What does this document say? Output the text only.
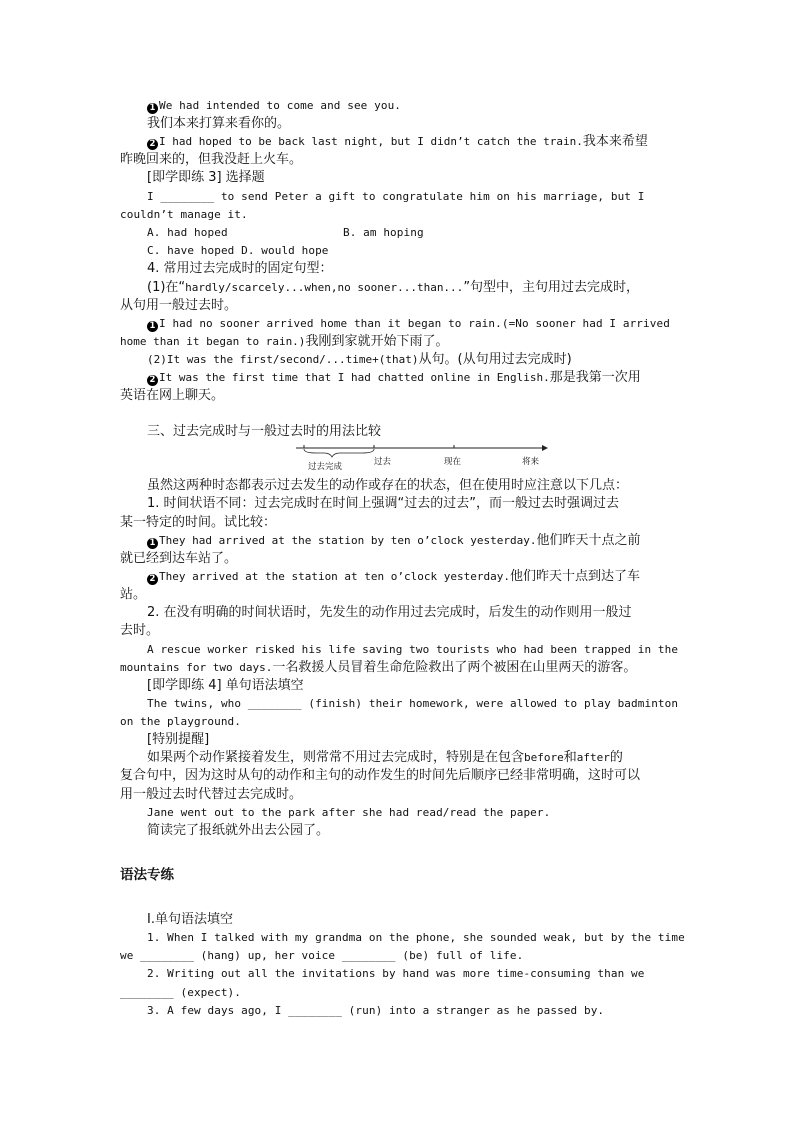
1 We had intended to come and see you.
我们本来打算来看你的。
2 I had hoped to be back last night, but I didn’t catch the train.我本来希望
昨晚回来的，但我没赶上火车。
[即学即练 3] 选择题
I ________ to send Peter a gift to congratulate him on his marriage, but I
couldn’t manage it.
A. had hoped	B. am hoping
C. have hoped D. would hope
4. 常用过去完成时的固定句型：
(1)在“hardly/scarcely...when,no sooner...than...”句型中，主句用过去完成时，
从句用一般过去时。
1 I had no sooner arrived home than it began to rain.(=No sooner had I arrived
home than it began to rain.)我刚到家就开始下雨了。
(2)It was the first/second/...time+(that)从句。(从句用过去完成时)
2 It was the first time that I had chatted online in English.那是我第一次用
英语在网上聊天。
三、过去完成时与一般过去时的用法比较
过去完成	过去	现在	将来
虽然这两种时态都表示过去发生的动作或存在的状态，但在使用时应注意以下几点：
1. 时间状语不同：过去完成时在时间上强调“过去的过去”，而一般过去时强调过去
某一特定的时间。试比较：
1 They had arrived at the station by ten o’clock yesterday.他们昨天十点之前
就已经到达车站了。
2 They arrived at the station at ten o’clock yesterday.他们昨天十点到达了车
站。
2. 在没有明确的时间状语时，先发生的动作用过去完成时，后发生的动作则用一般过
去时。
A rescue worker risked his life saving two tourists who had been trapped in the
mountains for two days.一名救援人员冒着生命危险救出了两个被困在山里两天的游客。
[即学即练 4] 单句语法填空
The twins, who ________ (finish) their homework, were allowed to play badminton
on the playground.
[特别提醒]
如果两个动作紧接着发生，则常常不用过去完成时，特别是在包含before和after的
复合句中，因为这时从句的动作和主句的动作发生的时间先后顺序已经非常明确，这时可以
用一般过去时代替过去完成时。
Jane went out to the park after she had read/read the paper.
简读完了报纸就外出去公园了。
语法专练
Ⅰ.单句语法填空
1. When I talked with my grandma on the phone, she sounded weak, but by the time
we ________ (hang) up, her voice ________ (be) full of life.
2. Writing out all the invitations by hand was more time-consuming than we
________ (expect).
3. A few days ago, I ________ (run) into a stranger as he passed by.
